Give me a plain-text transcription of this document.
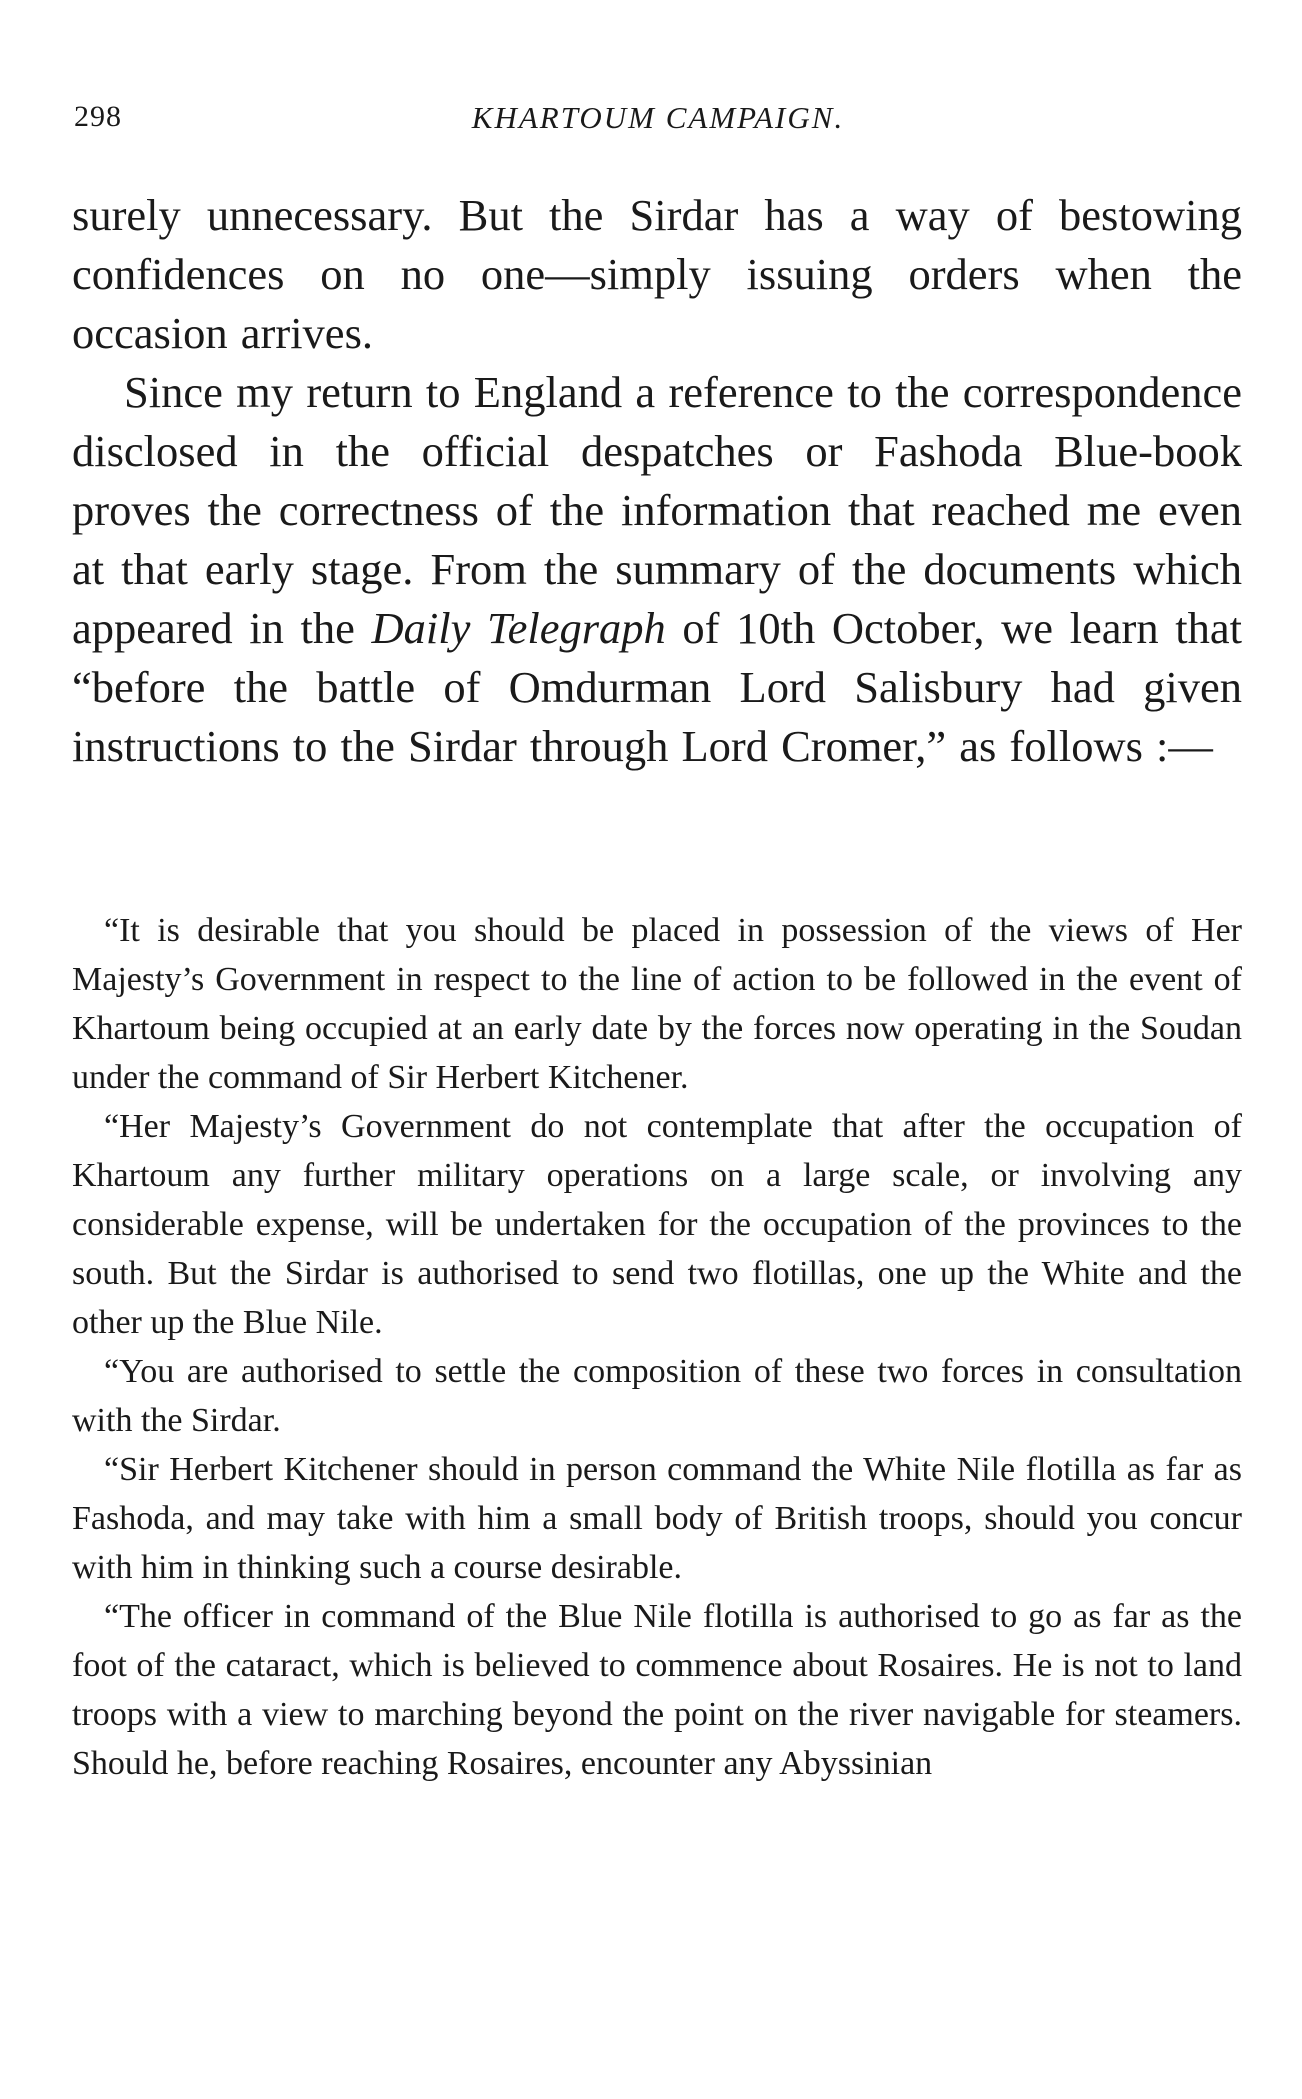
298	KHARTOUM CAMPAIGN.

surely unnecessary. But the Sirdar has a way of bestowing confidences on no one—simply issuing orders when the occasion arrives.

Since my return to England a reference to the correspondence disclosed in the official despatches or Fashoda Blue-book proves the correctness of the information that reached me even at that early stage. From the summary of the documents which appeared in the Daily Telegraph of 10th October, we learn that “before the battle of Omdurman Lord Salisbury had given instructions to the Sirdar through Lord Cromer,” as follows :—

“It is desirable that you should be placed in possession of the views of Her Majesty’s Government in respect to the line of action to be followed in the event of Khartoum being occupied at an early date by the forces now operating in the Soudan under the command of Sir Herbert Kitchener.

“Her Majesty’s Government do not contemplate that after the occupation of Khartoum any further military operations on a large scale, or involving any considerable expense, will be undertaken for the occupation of the provinces to the south. But the Sirdar is authorised to send two flotillas, one up the White and the other up the Blue Nile.

“You are authorised to settle the composition of these two forces in consultation with the Sirdar.

“Sir Herbert Kitchener should in person command the White Nile flotilla as far as Fashoda, and may take with him a small body of British troops, should you concur with him in thinking such a course desirable.

“The officer in command of the Blue Nile flotilla is authorised to go as far as the foot of the cataract, which is believed to commence about Rosaires. He is not to land troops with a view to marching beyond the point on the river navigable for steamers. Should he, before reaching Rosaires, encounter any Abyssinian
